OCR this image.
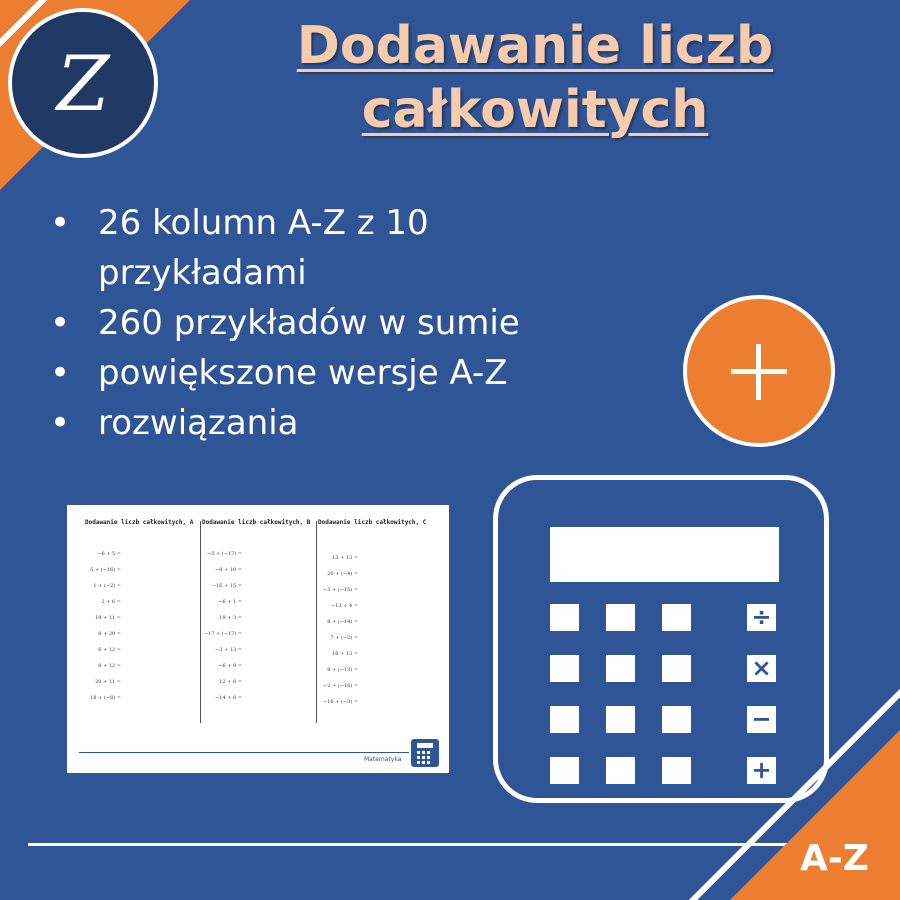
Z	Dodawanie liczb
całkowitych
• 26 kolumn A-Z z 10 przykładami
• 260 przykładów w sumie
• powiększone wersje A-Z
• rozwiązania
Dodawanie liczb całkowitych, A
−6 + 5 =
5 + (−16) =
1 + (−2) =
2 + 6 =
19 + 11 =
8 + 20 =
6 + 12 =
8 + 12 =
20 + 11 =
18 + (−8) =
Dodawanie liczb całkowitych, B
−5 + (−17) =
−8 + 10 =
−16 + 15 =
−6 + 1 =
19 + 3 =
−17 + (−17) =
−3 + 13 =
−6 + 9 =
12 + 8 =
−14 + 8 =
Dodawanie liczb całkowitych, C
13 + 13 =
20 + (−4) =
−3 + (−15) =
−13 + 4 =
8 + (−14) =
7 + (−2) =
16 + 13 =
9 + (−13) =
−2 + (−16) =
−16 + (−3) =
Matematyka
÷
×
−
+
A-Z
